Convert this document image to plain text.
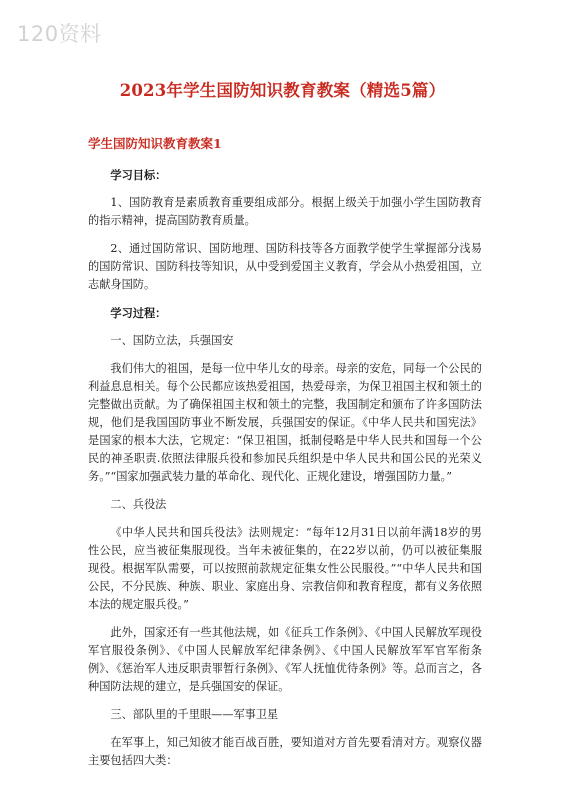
120资料
2023年学生国防知识教育教案（精选5篇）
学生国防知识教育教案1

学习目标：

1、国防教育是素质教育重要组成部分。根据上级关于加强小学生国防教育的指示精神，提高国防教育质量。

2、通过国防常识、国防地理、国防科技等各方面教学使学生掌握部分浅易的国防常识、国防科技等知识，从中受到爱国主义教育，学会从小热爱祖国，立志献身国防。

学习过程：

一、国防立法，兵强国安

我们伟大的祖国，是每一位中华儿女的母亲。母亲的安危，同每一个公民的利益息息相关。每个公民都应该热爱祖国，热爱母亲，为保卫祖国主权和领土的完整做出贡献。为了确保祖国主权和领土的完整，我国制定和颁布了许多国防法规，他们是我国国防事业不断发展，兵强国安的保证。《中华人民共和国宪法》是国家的根本大法，它规定：“保卫祖国，抵制侵略是中华人民共和国每一个公民的神圣职责.依照法律服兵役和参加民兵组织是中华人民共和国公民的光荣义务。”“国家加强武装力量的革命化、现代化、正规化建设，增强国防力量。”

二、兵役法

《中华人民共和国兵役法》法则规定：“每年12月31日以前年满18岁的男性公民，应当被征集服现役。当年未被征集的，在22岁以前，仍可以被征集服现役。根据军队需要，可以按照前款规定征集女性公民服役。”“中华人民共和国公民，不分民族、种族、职业、家庭出身、宗教信仰和教育程度，都有义务依照本法的规定服兵役。”

此外，国家还有一些其他法规，如《征兵工作条例》、《中国人民解放军现役军官服役条例》、《中国人民解放军纪律条例》、《中国人民解放军军官军衔条例》、《惩治军人违反职责罪暂行条例》、《军人抚恤优待条例》等。总而言之，各种国防法规的建立，是兵强国安的保证。

三、部队里的千里眼——军事卫星

在军事上，知己知彼才能百战百胜，要知道对方首先要看清对方。观察仪器主要包括四大类：
